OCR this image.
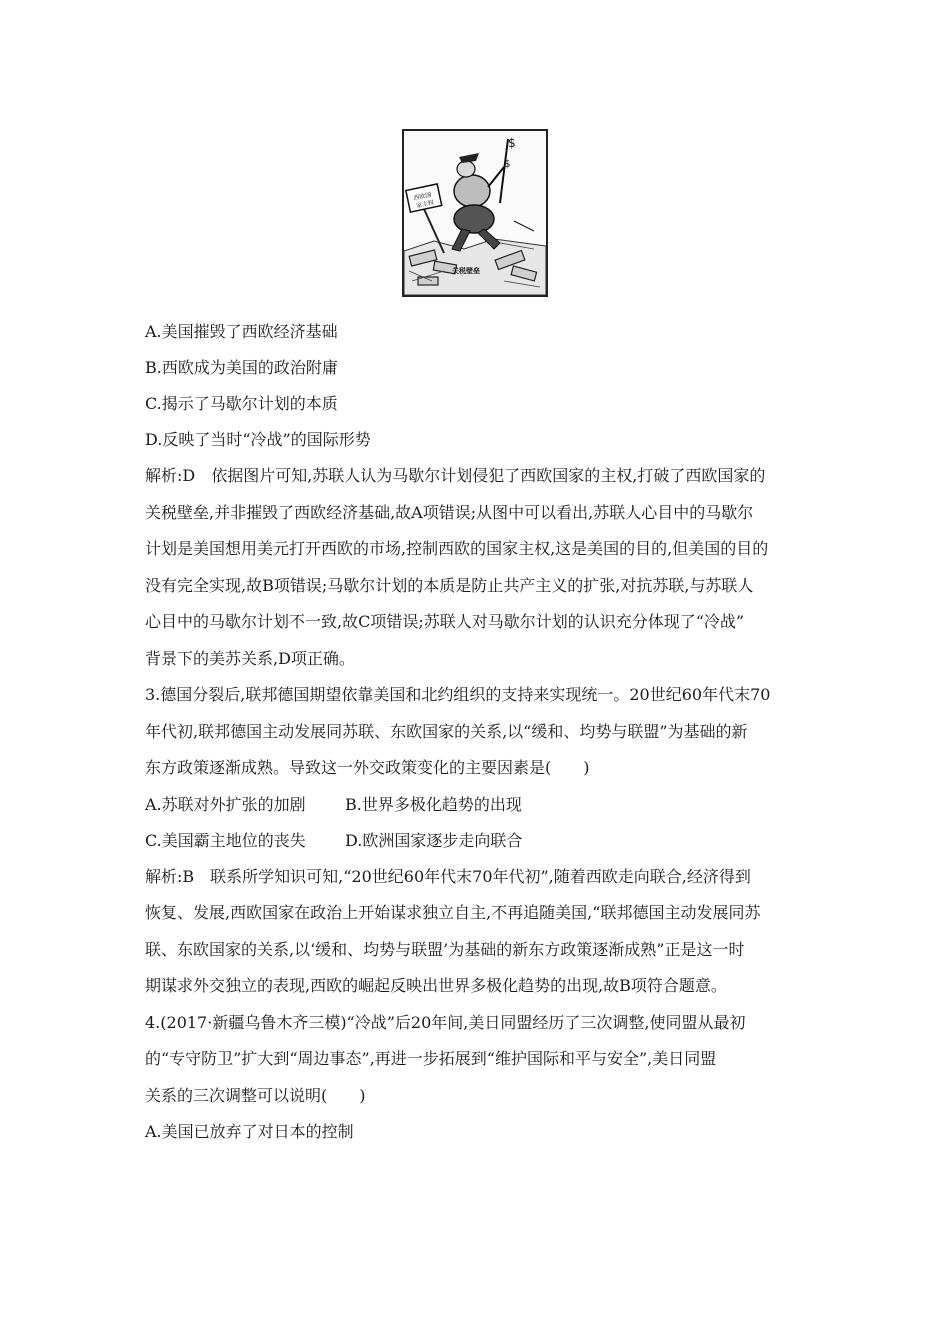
西欧国 家主权
$
$
关税壁垒

A.美国摧毁了西欧经济基础

B.西欧成为美国的政治附庸

C.揭示了马歇尔计划的本质

D.反映了当时“冷战”的国际形势

解析:D　依据图片可知,苏联人认为马歇尔计划侵犯了西欧国家的主权,打破了西欧国家的

关税壁垒,并非摧毁了西欧经济基础,故A项错误;从图中可以看出,苏联人心目中的马歇尔

计划是美国想用美元打开西欧的市场,控制西欧的国家主权,这是美国的目的,但美国的目的

没有完全实现,故B项错误;马歇尔计划的本质是防止共产主义的扩张,对抗苏联,与苏联人

心目中的马歇尔计划不一致,故C项错误;苏联人对马歇尔计划的认识充分体现了“冷战”

背景下的美苏关系,D项正确。

3.德国分裂后,联邦德国期望依靠美国和北约组织的支持来实现统一。20世纪60年代末70

年代初,联邦德国主动发展同苏联、东欧国家的关系,以“缓和、均势与联盟”为基础的新

东方政策逐渐成熟。导致这一外交政策变化的主要因素是(　　)

A.苏联对外扩张的加剧 B.世界多极化趋势的出现

C.美国霸主地位的丧失 D.欧洲国家逐步走向联合

解析:B　联系所学知识可知,“20世纪60年代末70年代初”,随着西欧走向联合,经济得到

恢复、发展,西欧国家在政治上开始谋求独立自主,不再追随美国,“联邦德国主动发展同苏

联、东欧国家的关系,以‘缓和、均势与联盟’为基础的新东方政策逐渐成熟”正是这一时

期谋求外交独立的表现,西欧的崛起反映出世界多极化趋势的出现,故B项符合题意。

4.(2017·新疆乌鲁木齐三模)“冷战”后20年间,美日同盟经历了三次调整,使同盟从最初

的“专守防卫”扩大到“周边事态”,再进一步拓展到“维护国际和平与安全”,美日同盟

关系的三次调整可以说明(　　)

A.美国已放弃了对日本的控制
